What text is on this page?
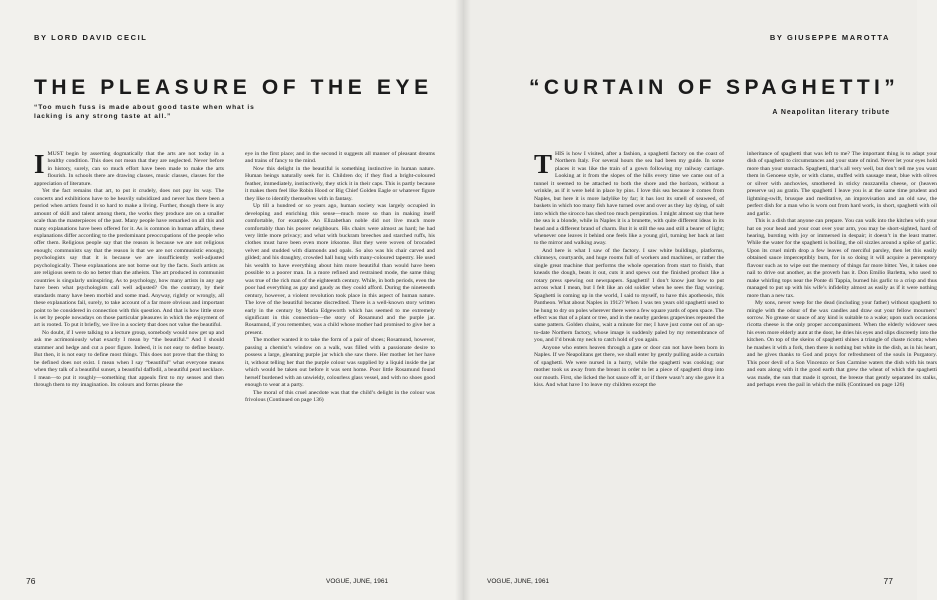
BY LORD DAVID CECIL
THE PLEASURE OF THE EYE
“Too much fuss is made about good taste when what is lacking is any strong taste at all.”

IMUST begin by asserting dogmatically that the arts are not today in a healthy condition. This does not mean that they are neglected. Never before in history, surely, can so much effort have been made to make the arts flourish. In schools there are drawing classes, music classes, classes for the appreciation of literature.

Yet the fact remains that art, to put it crudely, does not pay its way. The concerts and exhibitions have to be heavily subsidized and never has there been a period when artists found it so hard to make a living. Further, though there is any amount of skill and talent among them, the works they produce are on a smaller scale than the masterpieces of the past. Many people have remarked on all this and many explanations have been offered for it. As is common in human affairs, these explanations differ according to the predominant preoccupations of the people who offer them. Religious people say that the reason is because we are not religious enough; communists say that the reason is that we are not communistic enough; psychologists say that it is because we are insufficiently well-adjusted psychologically. These explanations are not borne out by the facts. Such artists as are religious seem to do no better than the atheists. The art produced in communist countries is singularly uninspiring. As to psychology, how many artists in any age have been what psychologists call well adjusted? On the contrary, by their standards many have been morbid and some mad. Anyway, rightly or wrongly, all these explanations fail, surely, to take account of a far more obvious and important point to be considered in connection with this question. And that is how little store is set by people nowadays on those particular pleasures in which the enjoyment of art is rooted. To put it briefly, we live in a society that does not value the beautiful.

No doubt, if I were talking to a lecture group, somebody would now get up and ask me acrimoniously what exactly I mean by “the beautiful.” And I should stammer and hedge and cut a poor figure. Indeed, it is not easy to define beauty. But then, it is not easy to define most things. This does not prove that the thing to be defined does not exist. I mean when I say “beautiful” what everyone means when they talk of a beautiful sunset, a beautiful daffodil, a beautiful pearl necklace. I mean—to put it roughly—something that appeals first to my senses and then through them to my imagination. Its colours and forms please the

eye in the first place; and in the second it suggests all manner of pleasant dreams and trains of fancy to the mind.

Now this delight in the beautiful is something instinctive in human nature. Human beings naturally seek for it. Children do; if they find a bright-coloured feather, immediately, instinctively, they stick it in their caps. This is partly because it makes them feel like Robin Hood or Big Chief Golden Eagle or whatever figure they like to identify themselves with in fantasy.

Up till a hundred or so years ago, human society was largely occupied in developing and enriching this sense—much more so than in making itself comfortable, for example. An Elizabethan noble did not live much more comfortably than his poorer neighbours. His chairs were almost as hard; he had very little more privacy; and what with buckram breeches and starched ruffs, his clothes must have been even more irksome. But they were woven of brocaded velvet and studded with diamonds and opals. So also was his chair carved and gilded; and his draughty, crowded hall hung with many-coloured tapestry. He used his wealth to have everything about him more beautiful than would have been possible to a poorer man. In a more refined and restrained mode, the same thing was true of the rich man of the eighteenth century. While, in both periods, even the poor had everything as gay and gaudy as they could afford. During the nineteenth century, however, a violent revolution took place in this aspect of human nature. The love of the beautiful became discredited. There is a well-known story written early in the century by Maria Edgeworth which has seemed to me extremely significant in this connection—the story of Rosamund and the purple jar. Rosamund, if you remember, was a child whose mother had promised to give her a present.

The mother wanted it to take the form of a pair of shoes; Rosamund, however, passing a chemist’s window on a walk, was filled with a passionate desire to possess a large, gleaming purple jar which she saw there. Her mother let her have it, without telling her that the purple colour was supplied by a liquid inside the jar which would be taken out before it was sent home. Poor little Rosamund found herself burdened with an unwieldy, colourless glass vessel, and with no shoes good enough to wear at a party.

The moral of this cruel anecdote was that the child’s delight in the colour was frivolous (Continued on page 136)

76	VOGUE, JUNE, 1961
BY GIUSEPPE MAROTTA
“CURTAIN OF SPAGHETTI”
A Neapolitan literary tribute

THIS is how I visited, after a fashion, a spaghetti factory on the coast of Northern Italy. For several hours the sea had been my guide. In some places it was like the train of a gown following my railway carriage. Looking at it from the slopes of the hills every time we came out of a tunnel it seemed to be attached to both the shore and the horizon, without a wrinkle, as if it were held in place by pins. I love this sea because it comes from Naples, but here it is more ladylike by far; it has lost its smell of seaweed, of baskets in which too many fish have turned over and over as they lay dying, of salt into which the sirocco has shed too much perspiration. I might almost say that here the sea is a blonde, while in Naples it is a brunette, with quite different ideas in its head and a different brand of charm. But it is still the sea and still a bearer of light; whenever one leaves it behind one feels like a young girl, turning her back at last to the mirror and walking away.

And here is what I saw of the factory. I saw white buildings, platforms, chimneys, courtyards, and huge rooms full of workers and machines, or rather the single great machine that performs the whole operation from start to finish, that kneads the dough, beats it out, cuts it and spews out the finished product like a rotary press spewing out newspapers. Spaghetti! I don’t know just how to put across what I mean, but I felt like an old soldier when he sees the flag waving. Spaghetti is coming up in the world, I said to myself, to have this apotheosis, this Pantheon. What about Naples in 1912? When I was ten years old spaghetti used to be hung to dry on poles wherever there were a few square yards of open space. The effect was that of a plant or tree, and in the nearby gardens grapevines repeated the same pattern. Golden chains, wait a minute for me; I have just come out of an up-to-date Northern factory, whose image is suddenly paled by my remembrance of you, and I’d break my neck to catch hold of you again.

Anyone who enters heaven through a gate or door can not have been born in Naples. If we Neapolitans get there, we shall enter by gently pulling aside a curtain of spaghetti. We were nursed in a hurry, while the spaghetti was cooking; our mother took us away from the breast in order to let a piece of spaghetti drop into our mouth. First, she licked the hot sauce off it, or if there wasn’t any she gave it a kiss. And what have I to leave my children except the

inheritance of spaghetti that was left to me? The important thing is to adapt your dish of spaghetti to circumstances and your state of mind. Never let your eyes hold more than your stomach. Spaghetti, that’s all very well, but don’t tell me you want them in Genoese style, or with clams, stuffed with sausage meat, blue with olives or silver with anchovies, smothered in sticky mozzarella cheese, or (heaven preserve us) au gratin. The spaghetti I leave you is at the same time prudent and lightning-swift, brusque and meditative, an improvisation and an old saw, the perfect dish for a man who is worn out from hard work, in short, spaghetti with oil and garlic.

This is a dish that anyone can prepare. You can walk into the kitchen with your hat on your head and your coat over your arm, you may be short-sighted, hard of hearing, bursting with joy or immersed in despair; it doesn’t in the least matter. While the water for the spaghetti is boiling, the oil sizzles around a spike of garlic. Upon its cruel mirth drop a few leaves of merciful parsley, then let this easily obtained sauce imperceptibly burn, for in so doing it will acquire a peremptory flavour such as to wipe out the memory of things far more bitter. Yes, it takes one nail to drive out another, as the proverb has it. Don Emilio Barletta, who used to make whirling tops near the Ponte di Tappia, burned his garlic to a crisp and thus managed to put up with his wife’s infidelity almost as easily as if it were nothing more than a new tax.

My sons, never weep for the dead (including your father) without spaghetti to mingle with the odour of the wax candles and draw out your fellow mourners’ sorrow. No grease or sauce of any kind is suitable to a wake; upon such occasions ricotta cheese is the only proper accompaniment. When the elderly widower sees his even more elderly aunt at the door, he dries his eyes and slips discreetly into the kitchen. On top of the skeins of spaghetti shines a triangle of chaste ricotta; when he mashes it with a fork, then there is nothing but white in the dish, as in his heart, and he gives thanks to God and prays for refreshment of the souls in Purgatory. This poor devil of a Son Vincenzo or Son Carmine waters the dish with his tears and eats along with it the good earth that grew the wheat of which the spaghetti was made, the sun that made it sprout, the breeze that gently separated its stalks, and perhaps even the pail in which the milk (Continued on page 126)

VOGUE, JUNE, 1961	77
